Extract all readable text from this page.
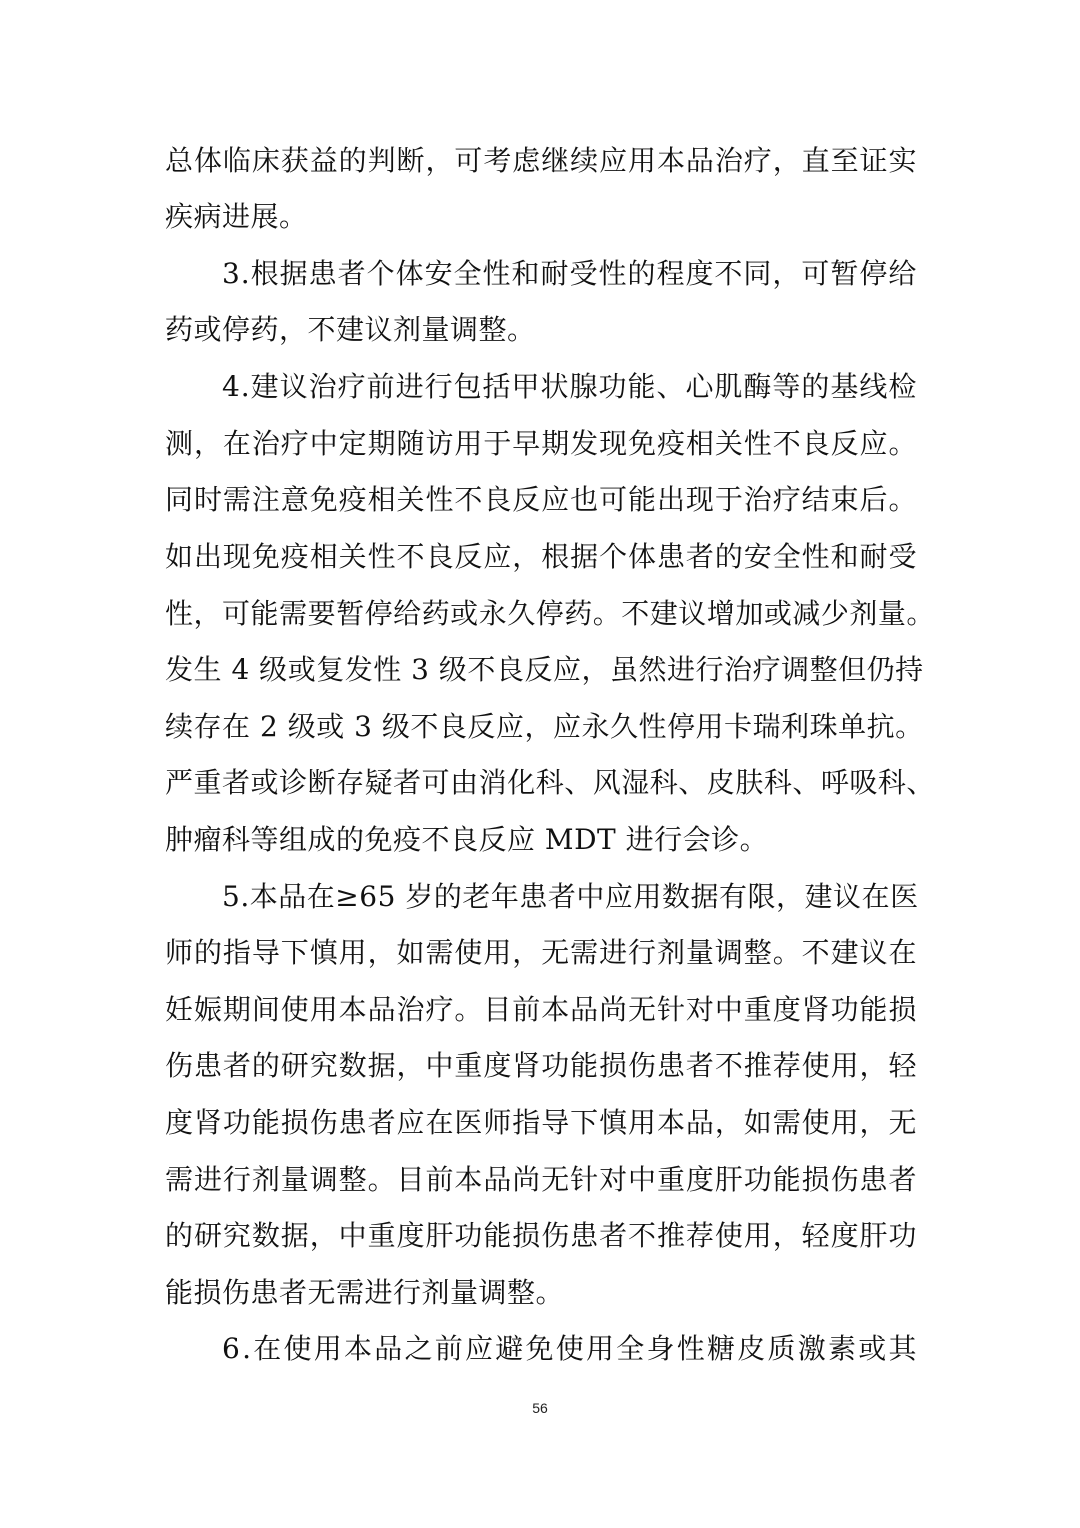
总 体 临 床 获 益 的 判 断 ， 可 考 虑 继 续 应 用 本 品 治 疗 ， 直 至 证 实
疾病进展。
3 . 根 据 患 者 个 体 安 全 性 和 耐 受 性 的 程 度 不 同 ， 可 暂 停 给
药或停药，不建议剂量调整。
4 . 建 议 治 疗 前 进 行 包 括 甲 状 腺 功 能 、 心 肌 酶 等 的 基 线 检
测 ， 在 治 疗 中 定 期 随 访 用 于 早 期 发 现 免 疫 相 关 性 不 良 反 应 。
同 时 需 注 意 免 疫 相 关 性 不 良 反 应 也 可 能 出 现 于 治 疗 结 束 后 。
如 出 现 免 疫 相 关 性 不 良 反 应 ， 根 据 个 体 患 者 的 安 全 性 和 耐 受
性 ， 可 能 需 要 暂 停 给 药 或 永 久 停 药 。 不 建 议 增 加 或 减 少 剂 量 。
发 生
4
级 或 复 发 性
3
级 不 良 反 应 ， 虽 然 进 行 治 疗 调 整 但 仍 持
续 存 在
2
级 或
3
级 不 良 反 应 ， 应 永 久 性 停 用 卡 瑞 利 珠 单 抗 。
严 重 者 或 诊 断 存 疑 者 可 由 消 化 科 、 风 湿 科 、 皮 肤 科 、 呼 吸 科 、
肿瘤科等组成的免疫不良反应 MDT 进行会诊。
5 . 本 品 在 ≥ 6 5
岁 的 老 年 患 者 中 应 用 数 据 有 限 ， 建 议 在 医
师 的 指 导 下 慎 用 ， 如 需 使 用 ， 无 需 进 行 剂 量 调 整 。 不 建 议 在
妊 娠 期 间 使 用 本 品 治 疗 。 目 前 本 品 尚 无 针 对 中 重 度 肾 功 能 损
伤 患 者 的 研 究 数 据 ， 中 重 度 肾 功 能 损 伤 患 者 不 推 荐 使 用 ， 轻
度 肾 功 能 损 伤 患 者 应 在 医 师 指 导 下 慎 用 本 品 ， 如 需 使 用 ， 无
需 进 行 剂 量 调 整 。 目 前 本 品 尚 无 针 对 中 重 度 肝 功 能 损 伤 患 者
的 研 究 数 据 ， 中 重 度 肝 功 能 损 伤 患 者 不 推 荐 使 用 ， 轻 度 肝 功
能损伤患者无需进行剂量调整。
6 . 在 使 用 本 品 之 前 应 避 免 使 用 全 身 性 糖 皮 质 激 素 或 其
56
